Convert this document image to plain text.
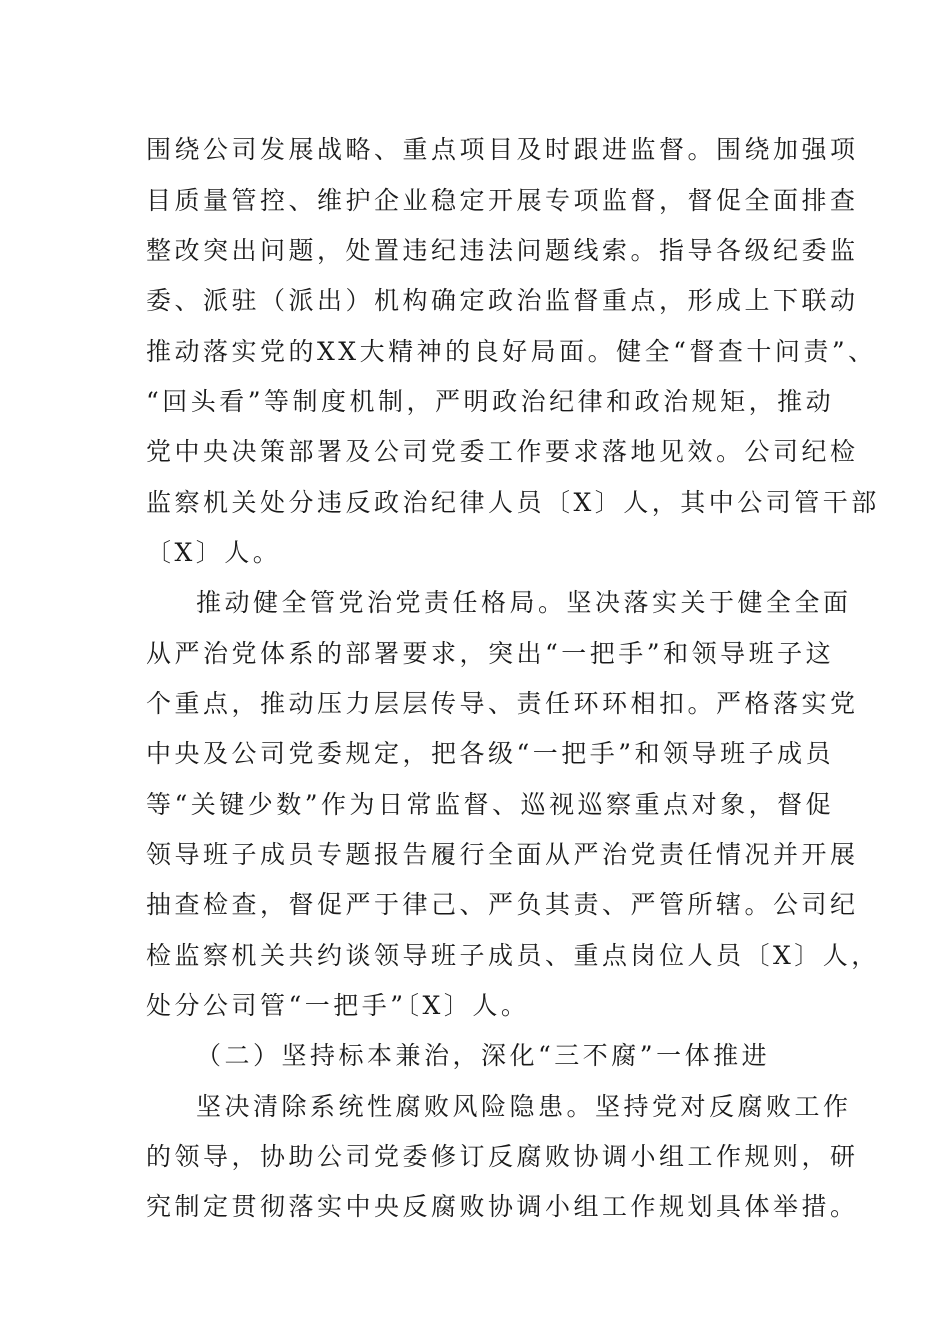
围绕公司发展战略、重点项目及时跟进监督。围绕加强项

目质量管控、维护企业稳定开展专项监督，督促全面排查

整改突出问题，处置违纪违法问题线索。指导各级纪委监

委、派驻（派出）机构确定政治监督重点，形成上下联动

推动落实党的XX大精神的良好局面。健全“督查十问责”、

“回头看”等制度机制，严明政治纪律和政治规矩，推动

党中央决策部署及公司党委工作要求落地见效。公司纪检

监察机关处分违反政治纪律人员〔X〕人，其中公司管干部

〔X〕人。

推动健全管党治党责任格局。坚决落实关于健全全面

从严治党体系的部署要求，突出“一把手”和领导班子这

个重点，推动压力层层传导、责任环环相扣。严格落实党

中央及公司党委规定，把各级“一把手”和领导班子成员

等“关键少数”作为日常监督、巡视巡察重点对象，督促

领导班子成员专题报告履行全面从严治党责任情况并开展

抽查检查，督促严于律己、严负其责、严管所辖。公司纪

检监察机关共约谈领导班子成员、重点岗位人员〔X〕人，

处分公司管“一把手”〔X〕人。

（二）坚持标本兼治，深化“三不腐”一体推进

坚决清除系统性腐败风险隐患。坚持党对反腐败工作

的领导，协助公司党委修订反腐败协调小组工作规则，研

究制定贯彻落实中央反腐败协调小组工作规划具体举措。
